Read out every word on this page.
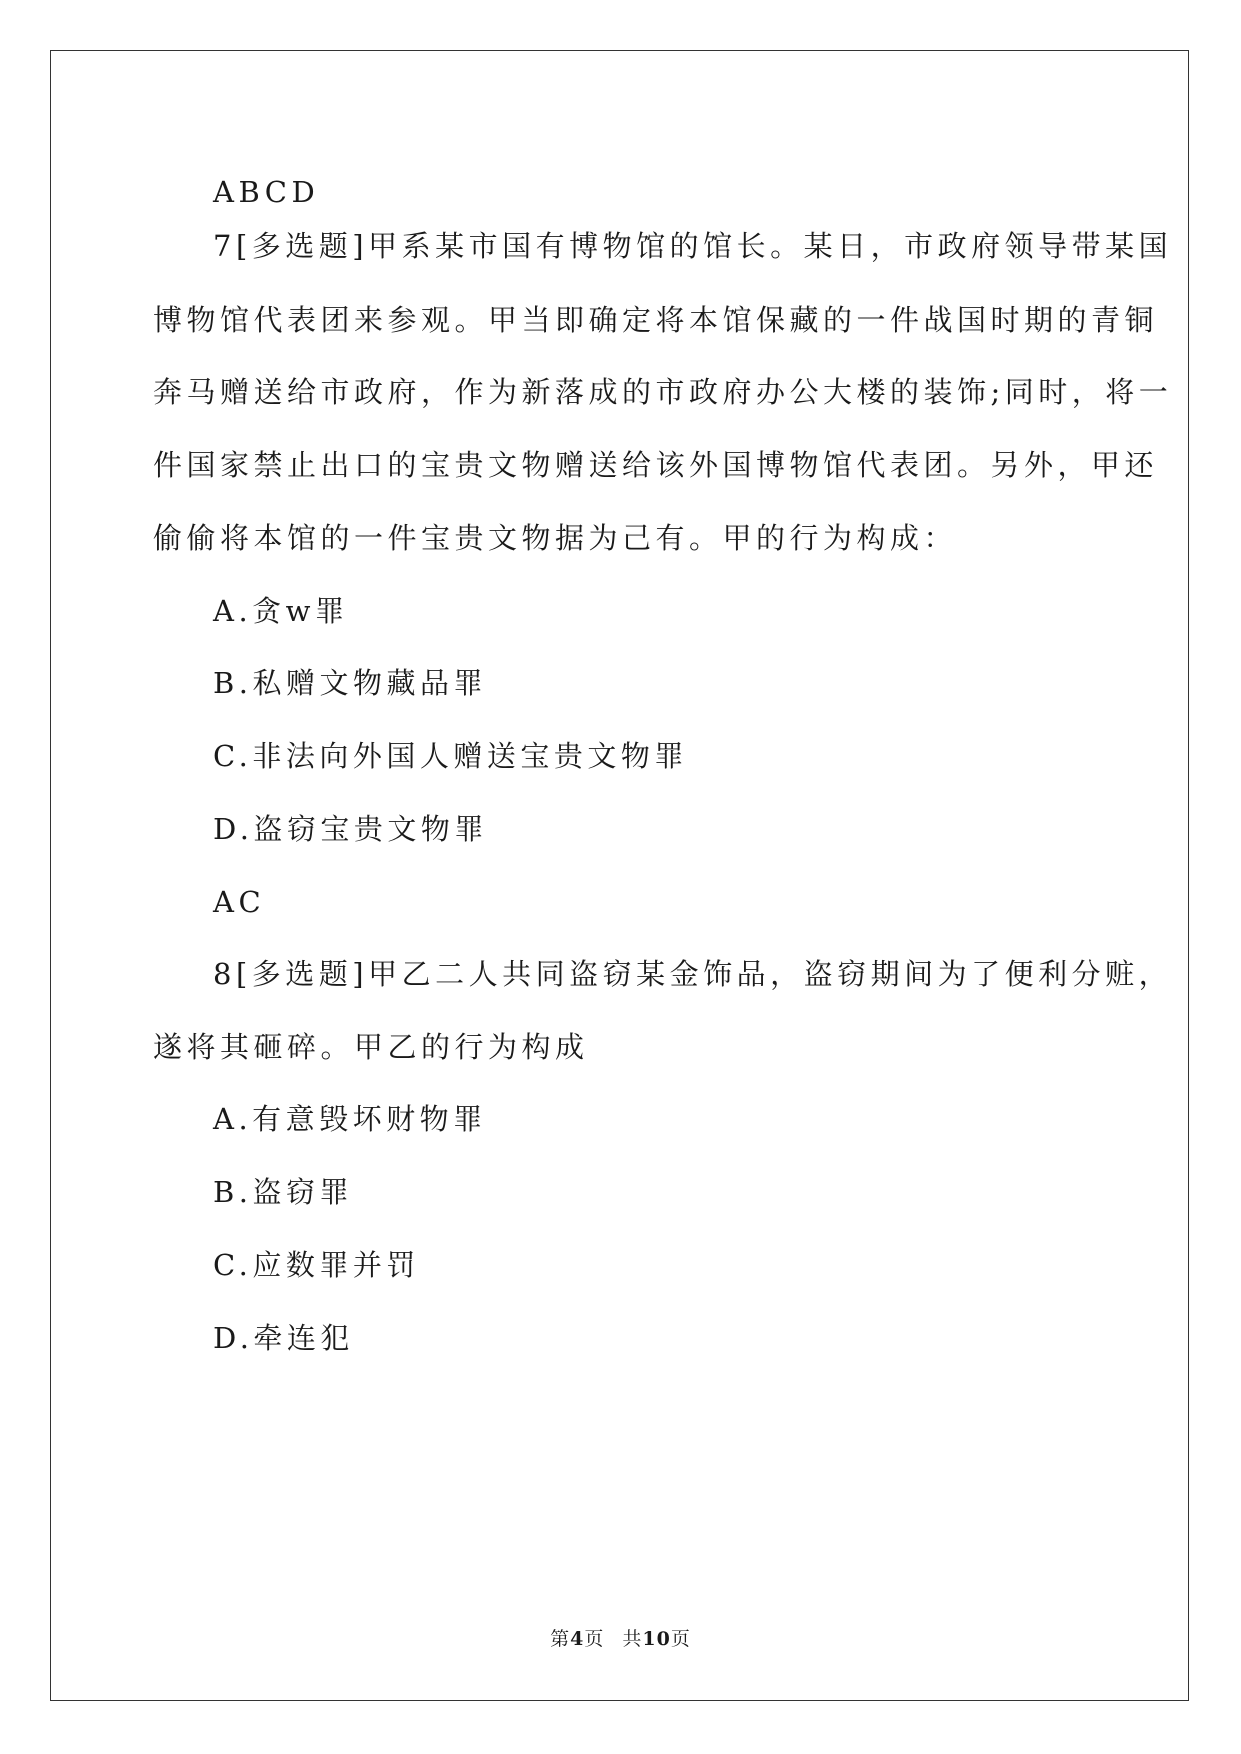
ABCD
7[多选题]甲系某市国有博物馆的馆长。某日，市政府领导带某国
博物馆代表团来参观。甲当即确定将本馆保藏的一件战国时期的青铜
奔马赠送给市政府，作为新落成的市政府办公大楼的装饰;同时，将一
件国家禁止出口的宝贵文物赠送给该外国博物馆代表团。另外，甲还
偷偷将本馆的一件宝贵文物据为己有。甲的行为构成：
A.贪w罪
B.私赠文物藏品罪
C.非法向外国人赠送宝贵文物罪
D.盗窃宝贵文物罪
AC
8[多选题]甲乙二人共同盗窃某金饰品，盗窃期间为了便利分赃，
遂将其砸碎。甲乙的行为构成
A.有意毁坏财物罪
B.盗窃罪
C.应数罪并罚
D.牵连犯
第4页 共10页
